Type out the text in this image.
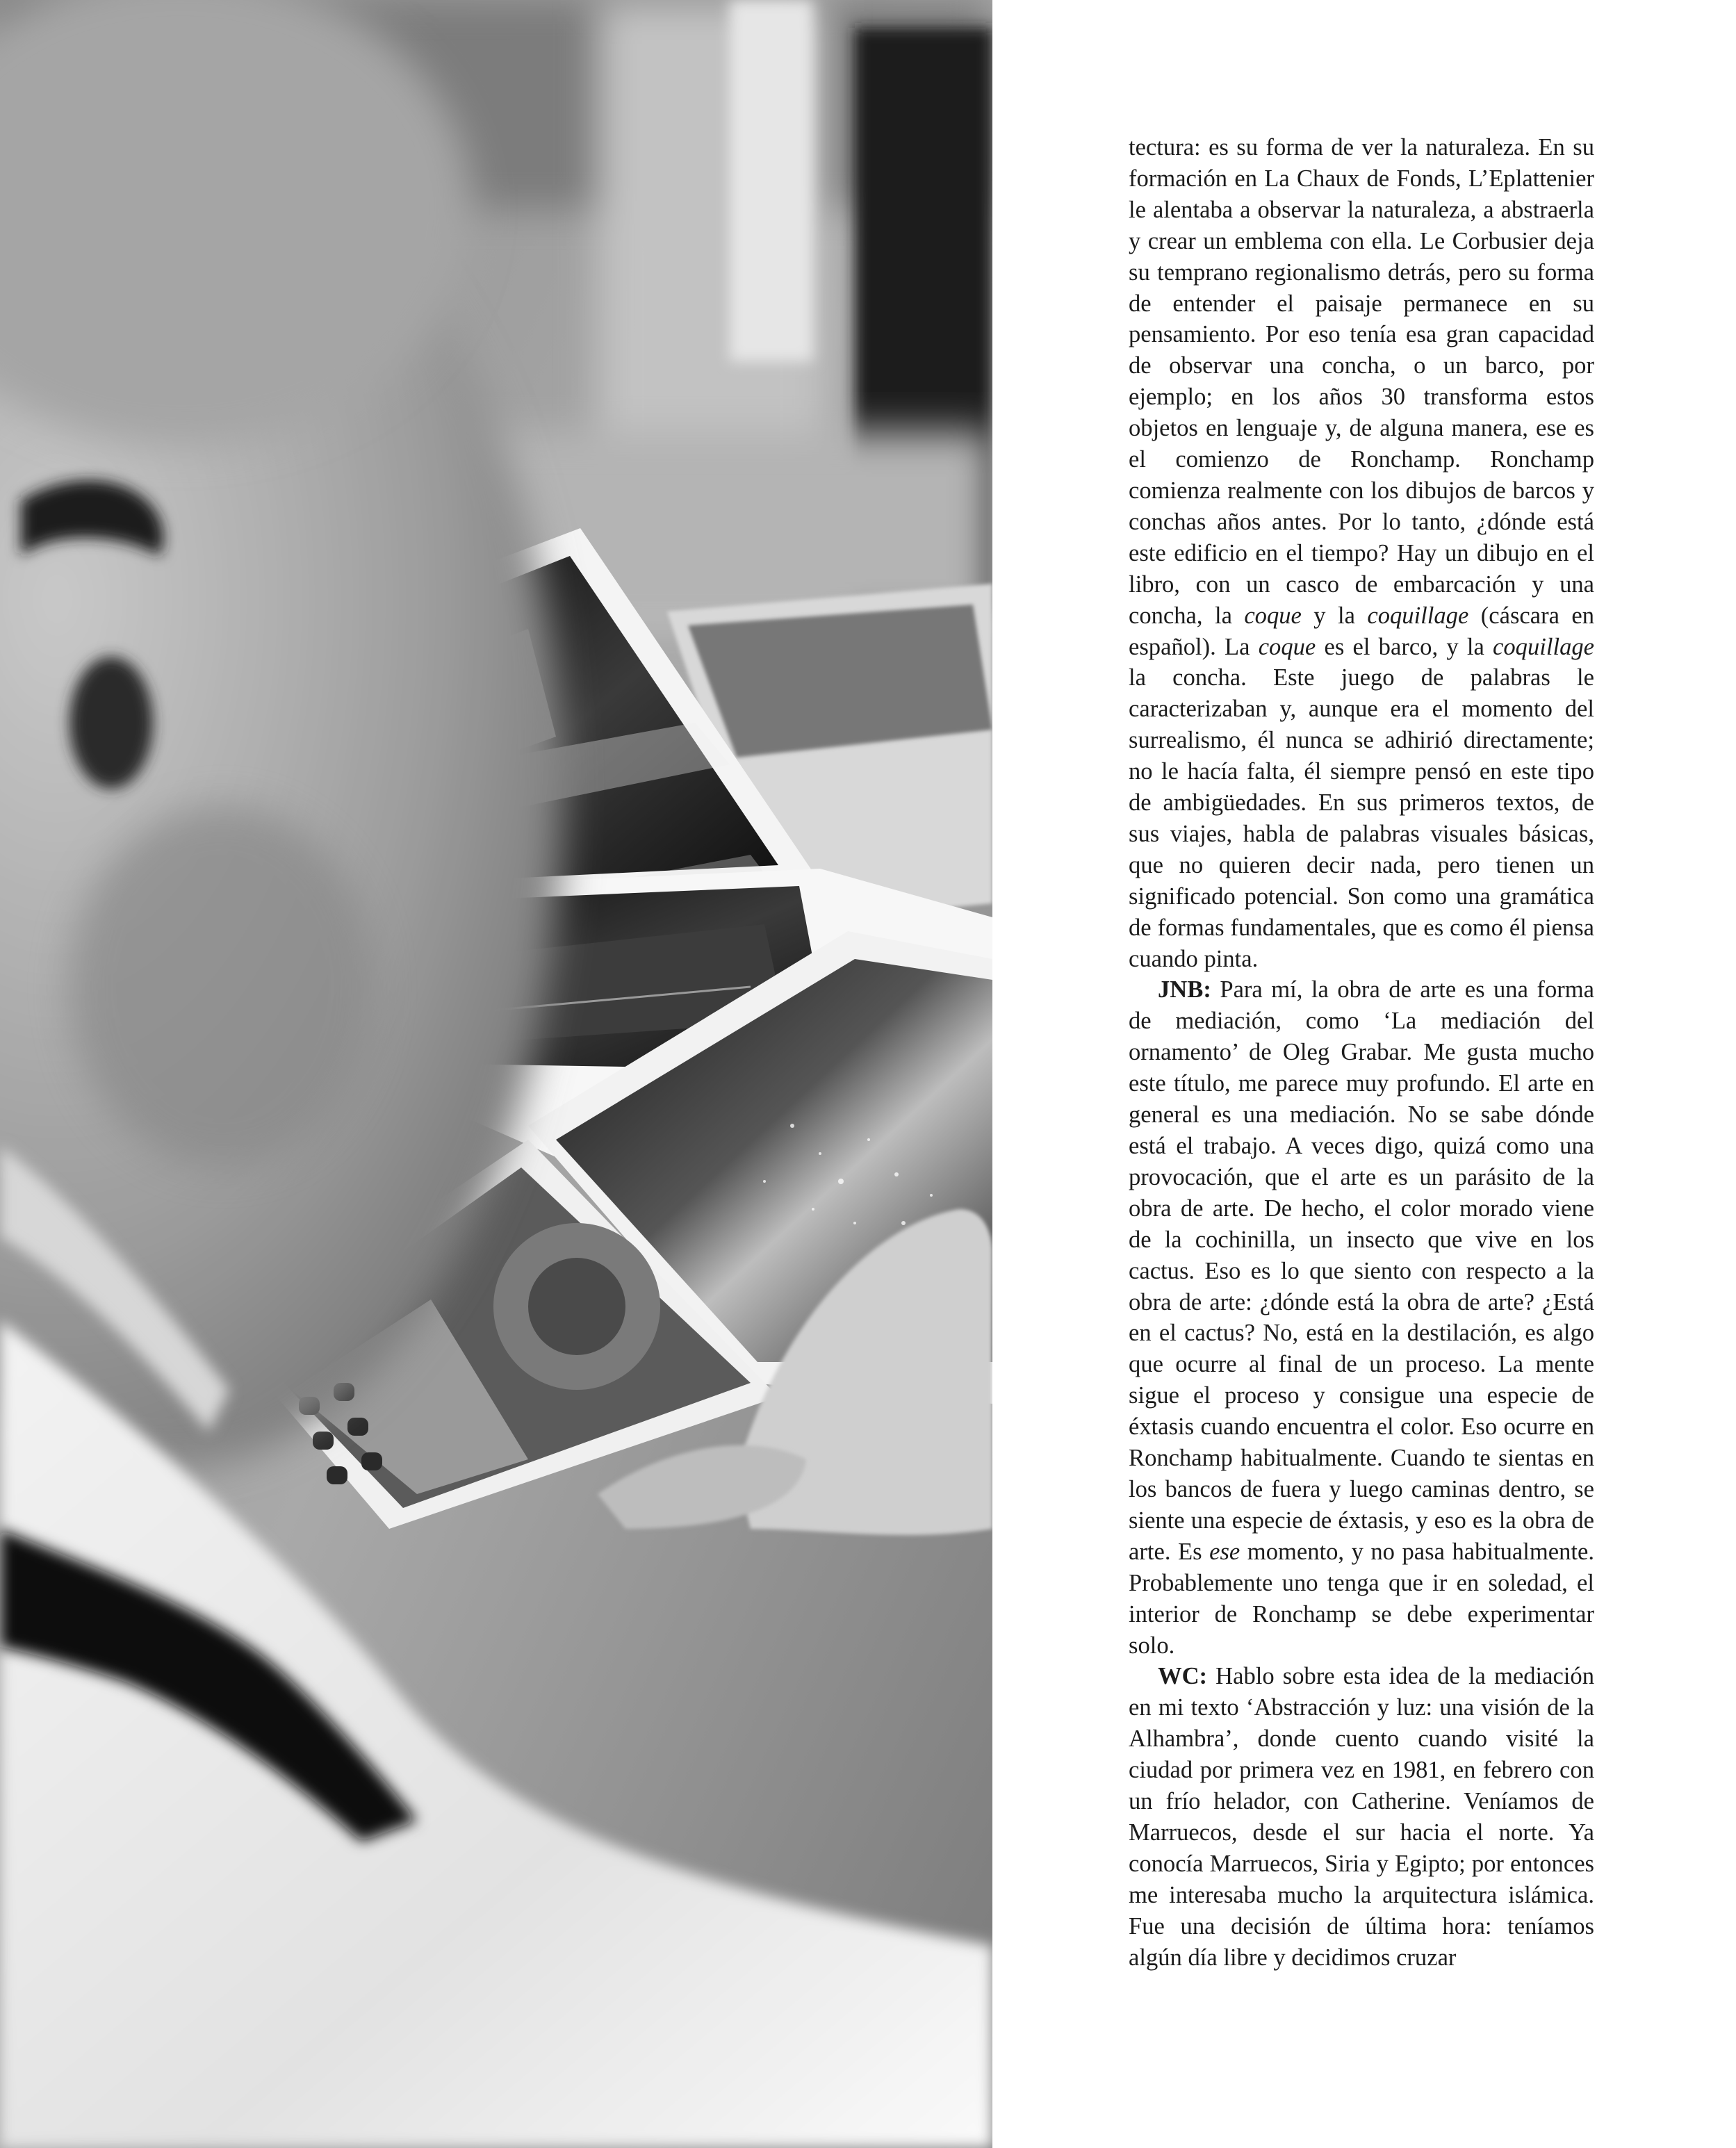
tectura: es su forma de ver la naturaleza. En su formación en La Chaux de Fonds, L’Eplattenier le alentaba a observar la naturaleza, a abstraerla y crear un emblema con ella. Le Corbusier deja su temprano regionalismo detrás, pero su forma de entender el paisaje permanece en su pensamiento. Por eso tenía esa gran capacidad de observar una concha, o un barco, por ejemplo; en los años 30 transforma estos objetos en lenguaje y, de alguna manera, ese es el comienzo de Ronchamp. Ronchamp comienza realmente con los dibujos de barcos y conchas años antes. Por lo tanto, ¿dónde está este edificio en el tiempo? Hay un dibujo en el libro, con un casco de embarcación y una concha, la coque y la coquillage (cáscara en español). La coque es el barco, y la coquillage la concha. Este juego de palabras le caracterizaban y, aunque era el momento del surrealismo, él nunca se adhirió directamente; no le hacía falta, él siempre pensó en este tipo de ambigüedades. En sus primeros textos, de sus viajes, habla de palabras visuales básicas, que no quieren decir nada, pero tienen un significado potencial. Son como una gramática de formas fundamentales, que es como él piensa cuando pinta.

JNB: Para mí, la obra de arte es una forma de mediación, como ‘La mediación del ornamento’ de Oleg Grabar. Me gusta mucho este título, me parece muy profundo. El arte en general es una mediación. No se sabe dónde está el trabajo. A veces digo, quizá como una provocación, que el arte es un parásito de la obra de arte. De hecho, el color morado viene de la cochinilla, un insecto que vive en los cactus. Eso es lo que siento con respecto a la obra de arte: ¿dónde está la obra de arte? ¿Está en el cactus? No, está en la destilación, es algo que ocurre al final de un proceso. La mente sigue el proceso y consigue una especie de éxtasis cuando encuentra el color. Eso ocurre en Ronchamp habitualmente. Cuando te sientas en los bancos de fuera y luego caminas dentro, se siente una especie de éxtasis, y eso es la obra de arte. Es ese momento, y no pasa habitualmente. Probablemente uno tenga que ir en soledad, el interior de Ronchamp se debe experimentar solo.

WC: Hablo sobre esta idea de la mediación en mi texto ‘Abstracción y luz: una visión de la Alhambra’, donde cuento cuando visité la ciudad por primera vez en 1981, en febrero con un frío helador, con Catherine. Veníamos de Marruecos, desde el sur hacia el norte. Ya conocía Marruecos, Siria y Egipto; por entonces me interesaba mucho la arquitectura islámica. Fue una decisión de última hora: teníamos algún día libre y decidimos cruzar
